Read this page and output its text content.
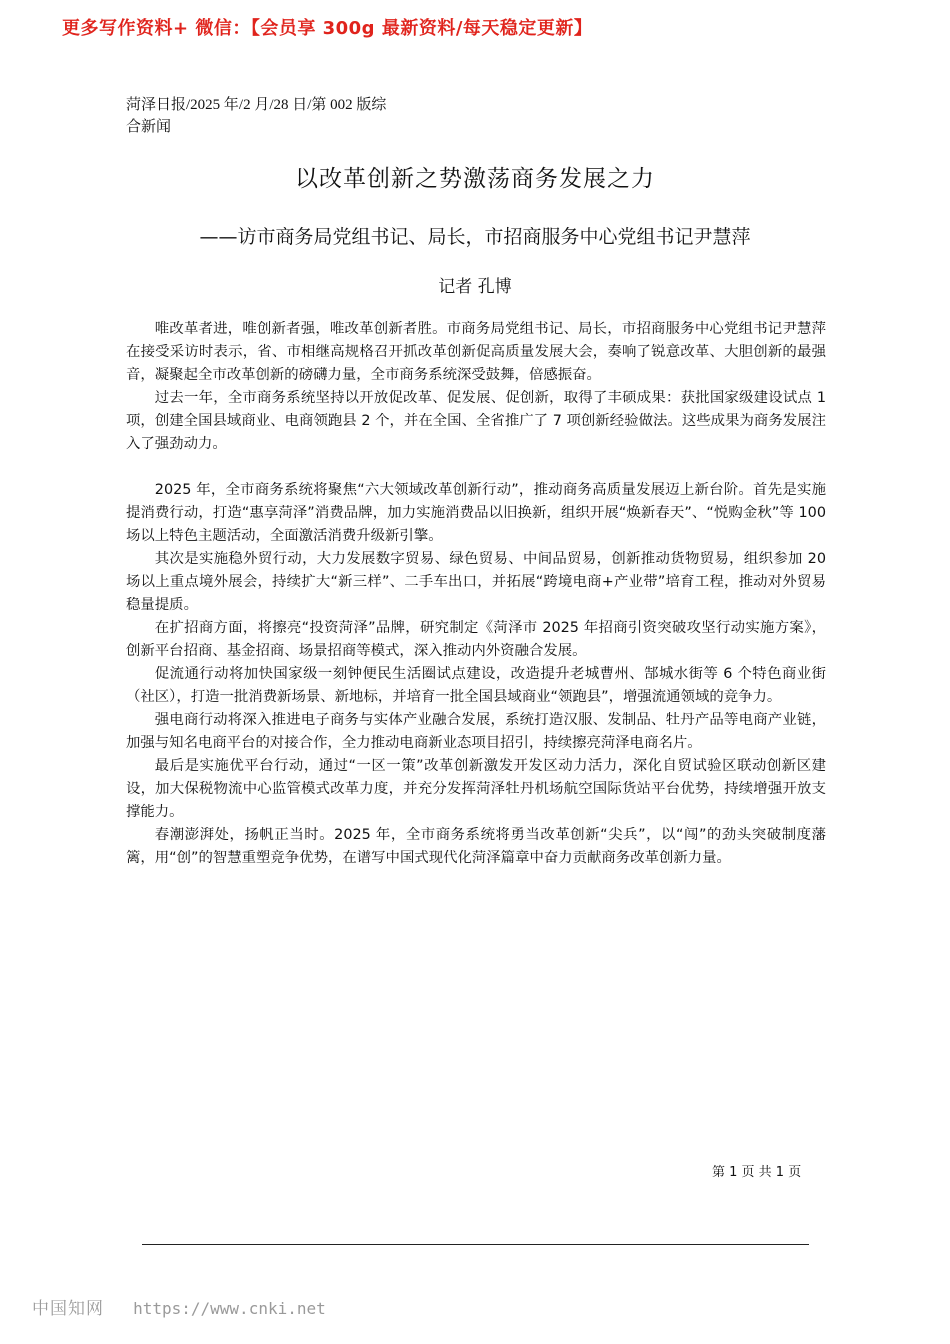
更多写作资料+ 微信：【会员享 300g 最新资料/每天稳定更新】
菏泽日报/2025 年/2 月/28 日/第 002 版综合新闻
以改革创新之势激荡商务发展之力
——访市商务局党组书记、局长，市招商服务中心党组书记尹慧萍
记者 孔博

唯改革者进，唯创新者强，唯改革创新者胜。市商务局党组书记、局长，市招商服务中心党组书记尹慧萍在接受采访时表示，省、市相继高规格召开抓改革创新促高质量发展大会，奏响了锐意改革、大胆创新的最强音，凝聚起全市改革创新的磅礴力量，全市商务系统深受鼓舞，倍感振奋。

过去一年，全市商务系统坚持以开放促改革、促发展、促创新，取得了丰硕成果：获批国家级建设试点 1 项，创建全国县域商业、电商领跑县 2 个，并在全国、全省推广了 7 项创新经验做法。这些成果为商务发展注入了强劲动力。

2025 年，全市商务系统将聚焦“六大领域改革创新行动”，推动商务高质量发展迈上新台阶。首先是实施提消费行动，打造“惠享菏泽”消费品牌，加力实施消费品以旧换新，组织开展“焕新春天”、“悦购金秋”等 100 场以上特色主题活动，全面激活消费升级新引擎。

其次是实施稳外贸行动，大力发展数字贸易、绿色贸易、中间品贸易，创新推动货物贸易，组织参加 20 场以上重点境外展会，持续扩大“新三样”、二手车出口，并拓展“跨境电商+产业带”培育工程，推动对外贸易稳量提质。

在扩招商方面，将擦亮“投资菏泽”品牌，研究制定《菏泽市 2025 年招商引资突破攻坚行动实施方案》，创新平台招商、基金招商、场景招商等模式，深入推动内外资融合发展。

促流通行动将加快国家级一刻钟便民生活圈试点建设，改造提升老城曹州、郜城水街等 6 个特色商业街（社区），打造一批消费新场景、新地标，并培育一批全国县域商业“领跑县”，增强流通领域的竞争力。

强电商行动将深入推进电子商务与实体产业融合发展，系统打造汉服、发制品、牡丹产品等电商产业链，加强与知名电商平台的对接合作，全力推动电商新业态项目招引，持续擦亮菏泽电商名片。

最后是实施优平台行动，通过“一区一策”改革创新激发开发区动力活力，深化自贸试验区联动创新区建设，加大保税物流中心监管模式改革力度，并充分发挥菏泽牡丹机场航空国际货站平台优势，持续增强开放支撑能力。

春潮澎湃处，扬帆正当时。2025 年，全市商务系统将勇当改革创新“尖兵”，以“闯”的劲头突破制度藩篱，用“创”的智慧重塑竞争优势，在谱写中国式现代化菏泽篇章中奋力贡献商务改革创新力量。

第 1 页 共 1 页
中国知网 https://www.cnki.net
